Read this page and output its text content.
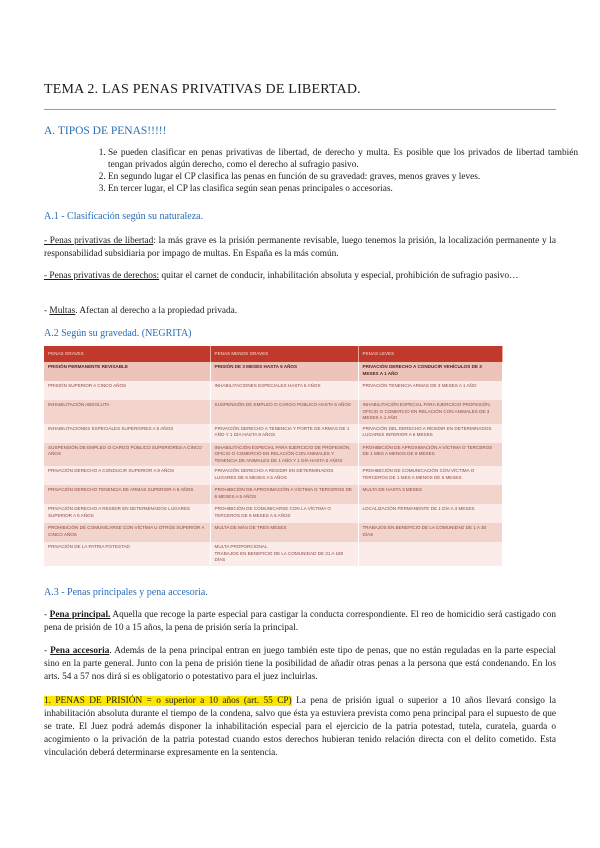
TEMA 2. LAS PENAS PRIVATIVAS DE LIBERTAD.
A. TIPOS DE PENAS!!!!!
1. Se pueden clasificar en penas privativas de libertad, de derecho y multa. Es posible que los privados de libertad también tengan privados algún derecho, como el derecho al sufragio pasivo.
2. En segundo lugar el CP clasifica las penas en función de su gravedad: graves, menos graves y leves.
3. En tercer lugar, el CP las clasifica según sean penas principales o accesorias.
A.1 - Clasificación según su naturaleza.

- Penas privativas de libertad: la más grave es la prisión permanente revisable, luego tenemos la prisión, la localización permanente y la responsabilidad subsidiaria por impago de multas. En España es la más común.

- Penas privativas de derechos: quitar el carnet de conducir, inhabilitación absoluta y especial, prohibición de sufragio pasivo…

- Multas. Afectan al derecho a la propiedad privada.

A.2 Según su gravedad. (NEGRITA)
PENAS GRAVES	PENAS MENOS GRAVES	PENAS LEVES
PRISIÓN PERMANENTE REVISABLE	PRISIÓN DE 3 MESES HASTA 5 AÑOS	PRIVACIÓN DERECHO A CONDUCIR VEHÍCULOS DE 3 MESES A 1 AÑO
PRISIÓN SUPERIOR A CINCO AÑOS	INHABILITACIONES ESPECIALES HASTA 5 AÑOS	PRIVACIÓN TENENCIA ARMAS DE 3 MESES A 1 AÑO
INHABILITACIÓN ABSOLUTA	SUSPENSIÓN DE EMPLEO O CARGO PÚBLICO HASTA 5 AÑOS	INHABILITACIÓN ESPECIAL PARA EJERCICIO PROFESIÓN, OFICIO O COMERCIO EN RELACIÓN CON ANIMALES DE 3 MESES A 1 AÑO
INHABILITACIONES ESPECIALES SUPERIORES A 5 AÑOS	PRIVACIÓN DERECHO A TENENCIA Y PORTE DE ARMAS DE 1 AÑO Y 1 DÍA HASTA 8 AÑOS	PRIVACIÓN DEL DERECHO A RESIDIR EN DETERMINADOS LUGARES INFERIOR A 6 MESES
SUSPENSIÓN DE EMPLEO O CARGO PÚBLICO SUPERIORES A CINCO AÑOS	INHABILITACIÓN ESPECIAL PARA EJERCICIO DE PROFESIÓN, OFICIO O COMERCIO EN RELACIÓN CON ANIMALES Y TENENCIA DE ANIMALES DE 1 AÑO Y 1 DÍA HASTA 5 AÑOS	PROHIBICIÓN DE APROXIMACIÓN A VÍCTIMA O TERCEROS DE 1 MES A MENOS DE 6 MESES
PRIVACIÓN DERECHO A CONDUCIR SUPERIOR A 8 AÑOS	PRIVACIÓN DERECHO A RESIDIR EN DETERMINADOS LUGARES DE 6 MESES A 5 AÑOS	PROHIBICIÓN DE COMUNICACIÓN CON VÍCTIMA O TERCEROS DE 1 MES A MENOS DE 6 MESES
PRIVACIÓN DERECHO TENENCIA DE ARMAS SUPERIOR A 8 AÑOS	PROHIBICIÓN DE APROXIMACIÓN A VÍCTIMA O TERCEROS DE 6 MESES A 5 AÑOS	MULTA DE HASTA 3 MESES
PRIVACIÓN DERECHO A RESIDIR EN DETERMINADOS LUGARES SUPERIOR A 5 AÑOS	PROHIBICIÓN DE COMUNICARSE CON LA VÍCTIMA O TERCEROS DE 6 MESES A 5 AÑOS	LOCALIZACIÓN PERMANENTE DE 1 DÍA A 3 MESES
PROHIBICIÓN DE COMUNICARSE CON VÍCTIMA U OTROS SUPERIOR A CINCO AÑOS	MULTA DE MÁS DE TRES MESES	TRABAJOS EN BENEFICIO DE LA COMUNIDAD DE 1 A 30 DÍAS
PRIVACIÓN DE LA PATRIA POTESTAD	MULTA PROPORCIONAL
TRABAJOS EN BENEFICIO DE LA COMUNIDAD DE 31 A 180 DÍAS	
A.3 - Penas principales y pena accesoria.

- Pena principal. Aquella que recoge la parte especial para castigar la conducta correspondiente. El reo de homicidio será castigado con pena de prisión de 10 a 15 años, la pena de prisión sería la principal.

- Pena accesoria. Además de la pena principal entran en juego también este tipo de penas, que no están reguladas en la parte especial sino en la parte general. Junto con la pena de prisión tiene la posibilidad de añadir otras penas a la persona que está condenando. En los arts. 54 a 57 nos dirá si es obligatorio o potestativo para el juez incluirlas.

1. PENAS DE PRISIÓN = o superior a 10 años (art. 55 CP) La pena de prisión igual o superior a 10 años llevará consigo la inhabilitación absoluta durante el tiempo de la condena, salvo que ésta ya estuviera prevista como pena principal para el supuesto de que se trate. El Juez podrá además disponer la inhabilitación especial para el ejercicio de la patria potestad, tutela, curatela, guarda o acogimiento o la privación de la patria potestad cuando estos derechos hubieran tenido relación directa con el delito cometido. Esta vinculación deberá determinarse expresamente en la sentencia.
